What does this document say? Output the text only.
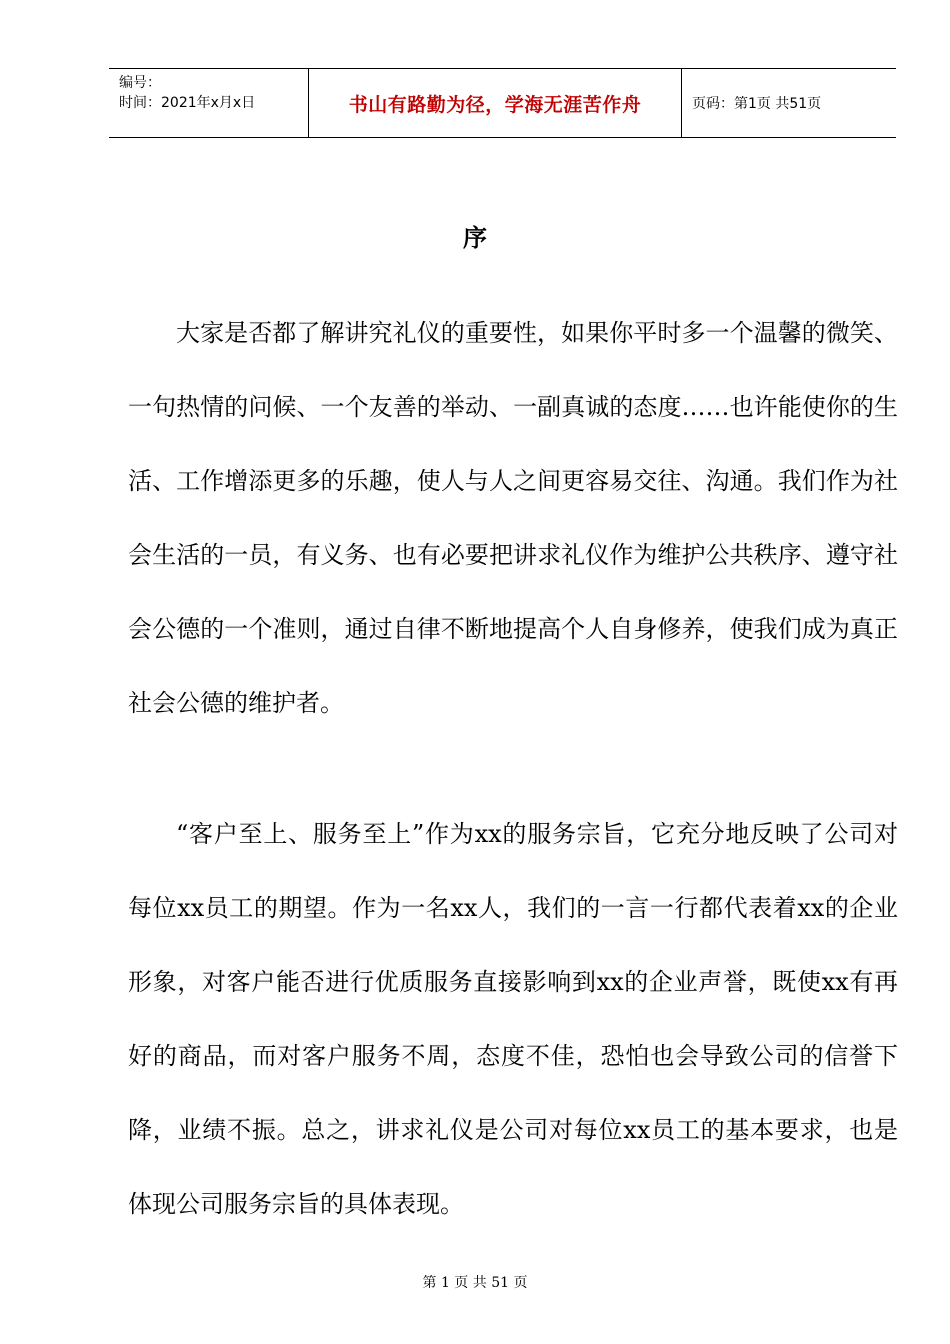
编号：
时间：2021年x月x日	书山有路勤为径，学海无涯苦作舟	页码：第1页 共51页
序
大家是否都了解讲究礼仪的重要性，如果你平时多一个温馨的微笑、一句热情的问候、一个友善的举动、一副真诚的态度……也许能使你的生活、工作增添更多的乐趣，使人与人之间更容易交往、沟通。我们作为社会生活的一员，有义务、也有必要把讲求礼仪作为维护公共秩序、遵守社会公德的一个准则，通过自律不断地提高个人自身修养，使我们成为真正社会公德的维护者。
“客户至上、服务至上”作为xx的服务宗旨，它充分地反映了公司对每位xx员工的期望。作为一名xx人，我们的一言一行都代表着xx的企业形象，对客户能否进行优质服务直接影响到xx的企业声誉，既使xx有再好的商品，而对客户服务不周，态度不佳，恐怕也会导致公司的信誉下降，业绩不振。总之，讲求礼仪是公司对每位xx员工的基本要求，也是体现公司服务宗旨的具体表现。
第 1 页 共 51 页
